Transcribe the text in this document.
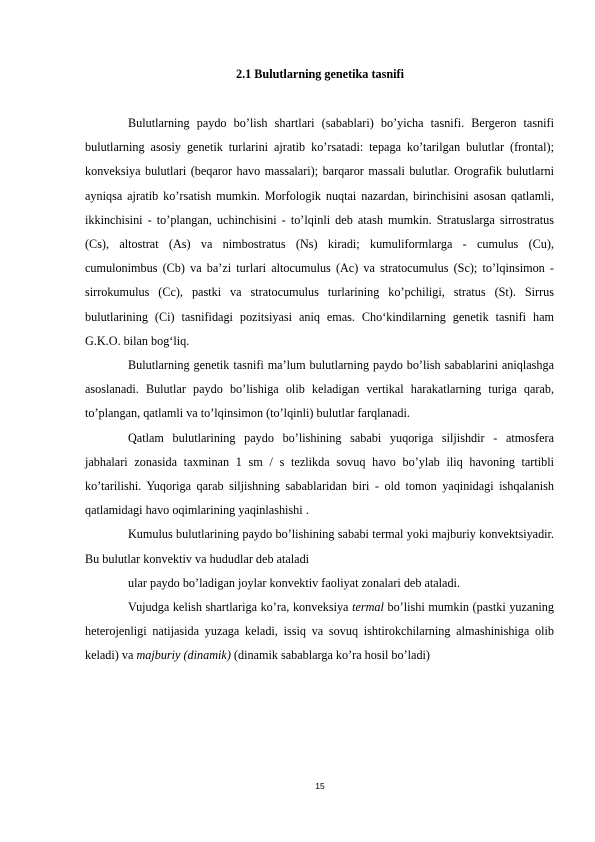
2.1 Bulutlarning genetika tasnifi

Bulutlarning paydo bo’lish shartlari (sabablari) bo’yicha tasnifi. Bergeron tasnifi bulutlarning asosiy genetik turlarini ajratib ko’rsatadi: tepaga ko’tarilgan bulutlar (frontal); konveksiya bulutlari (beqaror havo massalari); barqaror massali bulutlar. Orografik bulutlarni ayniqsa ajratib ko’rsatish mumkin. Morfologik nuqtai nazardan, birinchisini asosan qatlamli, ikkinchisini - to’plangan, uchinchisini - to’lqinli deb atash mumkin. Stratuslarga sirrostratus (Cs), altostrat (As) va nimbostratus (Ns) kiradi; kumuliformlarga - cumulus (Cu), cumulonimbus (Cb) va ba’zi turlari altocumulus (Ac) va stratocumulus (Sc); to’lqinsimon - sirrokumulus (Cc), pastki va stratocumulus turlarining ko’pchiligi, stratus (St). Sirrus bulutlarining (Ci) tasnifidagi pozitsiyasi aniq emas. Cho‘kindilarning genetik tasnifi ham G.K.O. bilan bog‘liq.

Bulutlarning genetik tasnifi ma’lum bulutlarning paydo bo’lish sabablarini aniqlashga asoslanadi. Bulutlar paydo bo’lishiga olib keladigan vertikal harakatlarning turiga qarab, to’plangan, qatlamli va to’lqinsimon (to’lqinli) bulutlar farqlanadi.

Qatlam bulutlarining paydo bo’lishining sababi yuqoriga siljishdir - atmosfera jabhalari zonasida taxminan 1 sm / s tezlikda sovuq havo bo’ylab iliq havoning tartibli ko’tarilishi. Yuqoriga qarab siljishning sabablaridan biri - old tomon yaqinidagi ishqalanish qatlamidagi havo oqimlarining yaqinlashishi .

Kumulus bulutlarining paydo bo’lishining sababi termal yoki majburiy konvektsiyadir. Bu bulutlar konvektiv va hududlar deb ataladi

ular paydo bo’ladigan joylar konvektiv faoliyat zonalari deb ataladi.

Vujudga kelish shartlariga ko’ra, konveksiya termal bo’lishi mumkin (pastki yuzaning heterojenligi natijasida yuzaga keladi, issiq va sovuq ishtirokchilarning almashinishiga olib keladi) va majburiy (dinamik) (dinamik sabablarga ko’ra hosil bo’ladi)

15
